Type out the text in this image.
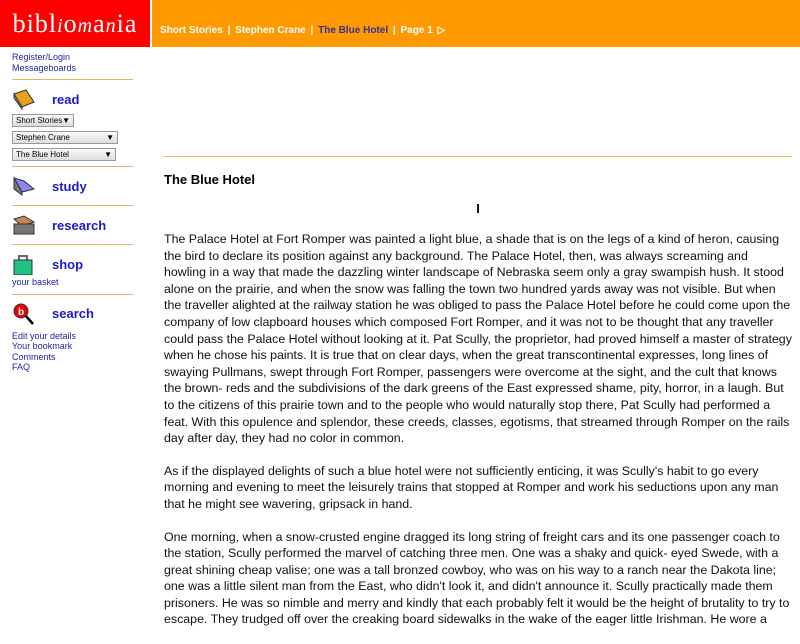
bibliomania	Short Stories | Stephen Crane | The Blue Hotel | Page 1 ▷
Register/Login
Messageboards
read
Short Stories ▼

Stephen Crane	▼

The Blue Hotel	▼
study
research
shop
your basket
b search
Edit your details
Your bookmark
Comments
FAQ
The Blue Hotel
I

The Palace Hotel at Fort Romper was painted a light blue, a shade that is on the legs of a kind of heron, causing the bird to declare its position against any background. The Palace Hotel, then, was always screaming and howling in a way that made the dazzling winter landscape of Nebraska seem only a gray swampish hush. It stood alone on the prairie, and when the snow was falling the town two hundred yards away was not visible. But when the traveller alighted at the railway station he was obliged to pass the Palace Hotel before he could come upon the company of low clapboard houses which composed Fort Romper, and it was not to be thought that any traveller could pass the Palace Hotel without looking at it. Pat Scully, the proprietor, had proved himself a master of strategy when he chose his paints. It is true that on clear days, when the great transcontinental expresses, long lines of swaying Pullmans, swept through Fort Romper, passengers were overcome at the sight, and the cult that knows the brown- reds and the subdivisions of the dark greens of the East expressed shame, pity, horror, in a laugh. But to the citizens of this prairie town and to the people who would naturally stop there, Pat Scully had performed a feat. With this opulence and splendor, these creeds, classes, egotisms, that streamed through Romper on the rails day after day, they had no color in common.

As if the displayed delights of such a blue hotel were not sufficiently enticing, it was Scully's habit to go every morning and evening to meet the leisurely trains that stopped at Romper and work his seductions upon any man that he might see wavering, gripsack in hand.

One morning, when a snow-crusted engine dragged its long string of freight cars and its one passenger coach to the station, Scully performed the marvel of catching three men. One was a shaky and quick- eyed Swede, with a great shining cheap valise; one was a tall bronzed cowboy, who was on his way to a ranch near the Dakota line; one was a little silent man from the East, who didn't look it, and didn't announce it. Scully practically made them prisoners. He was so nimble and merry and kindly that each probably felt it would be the height of brutality to try to escape. They trudged off over the creaking board sidewalks in the wake of the eager little Irishman. He wore a
